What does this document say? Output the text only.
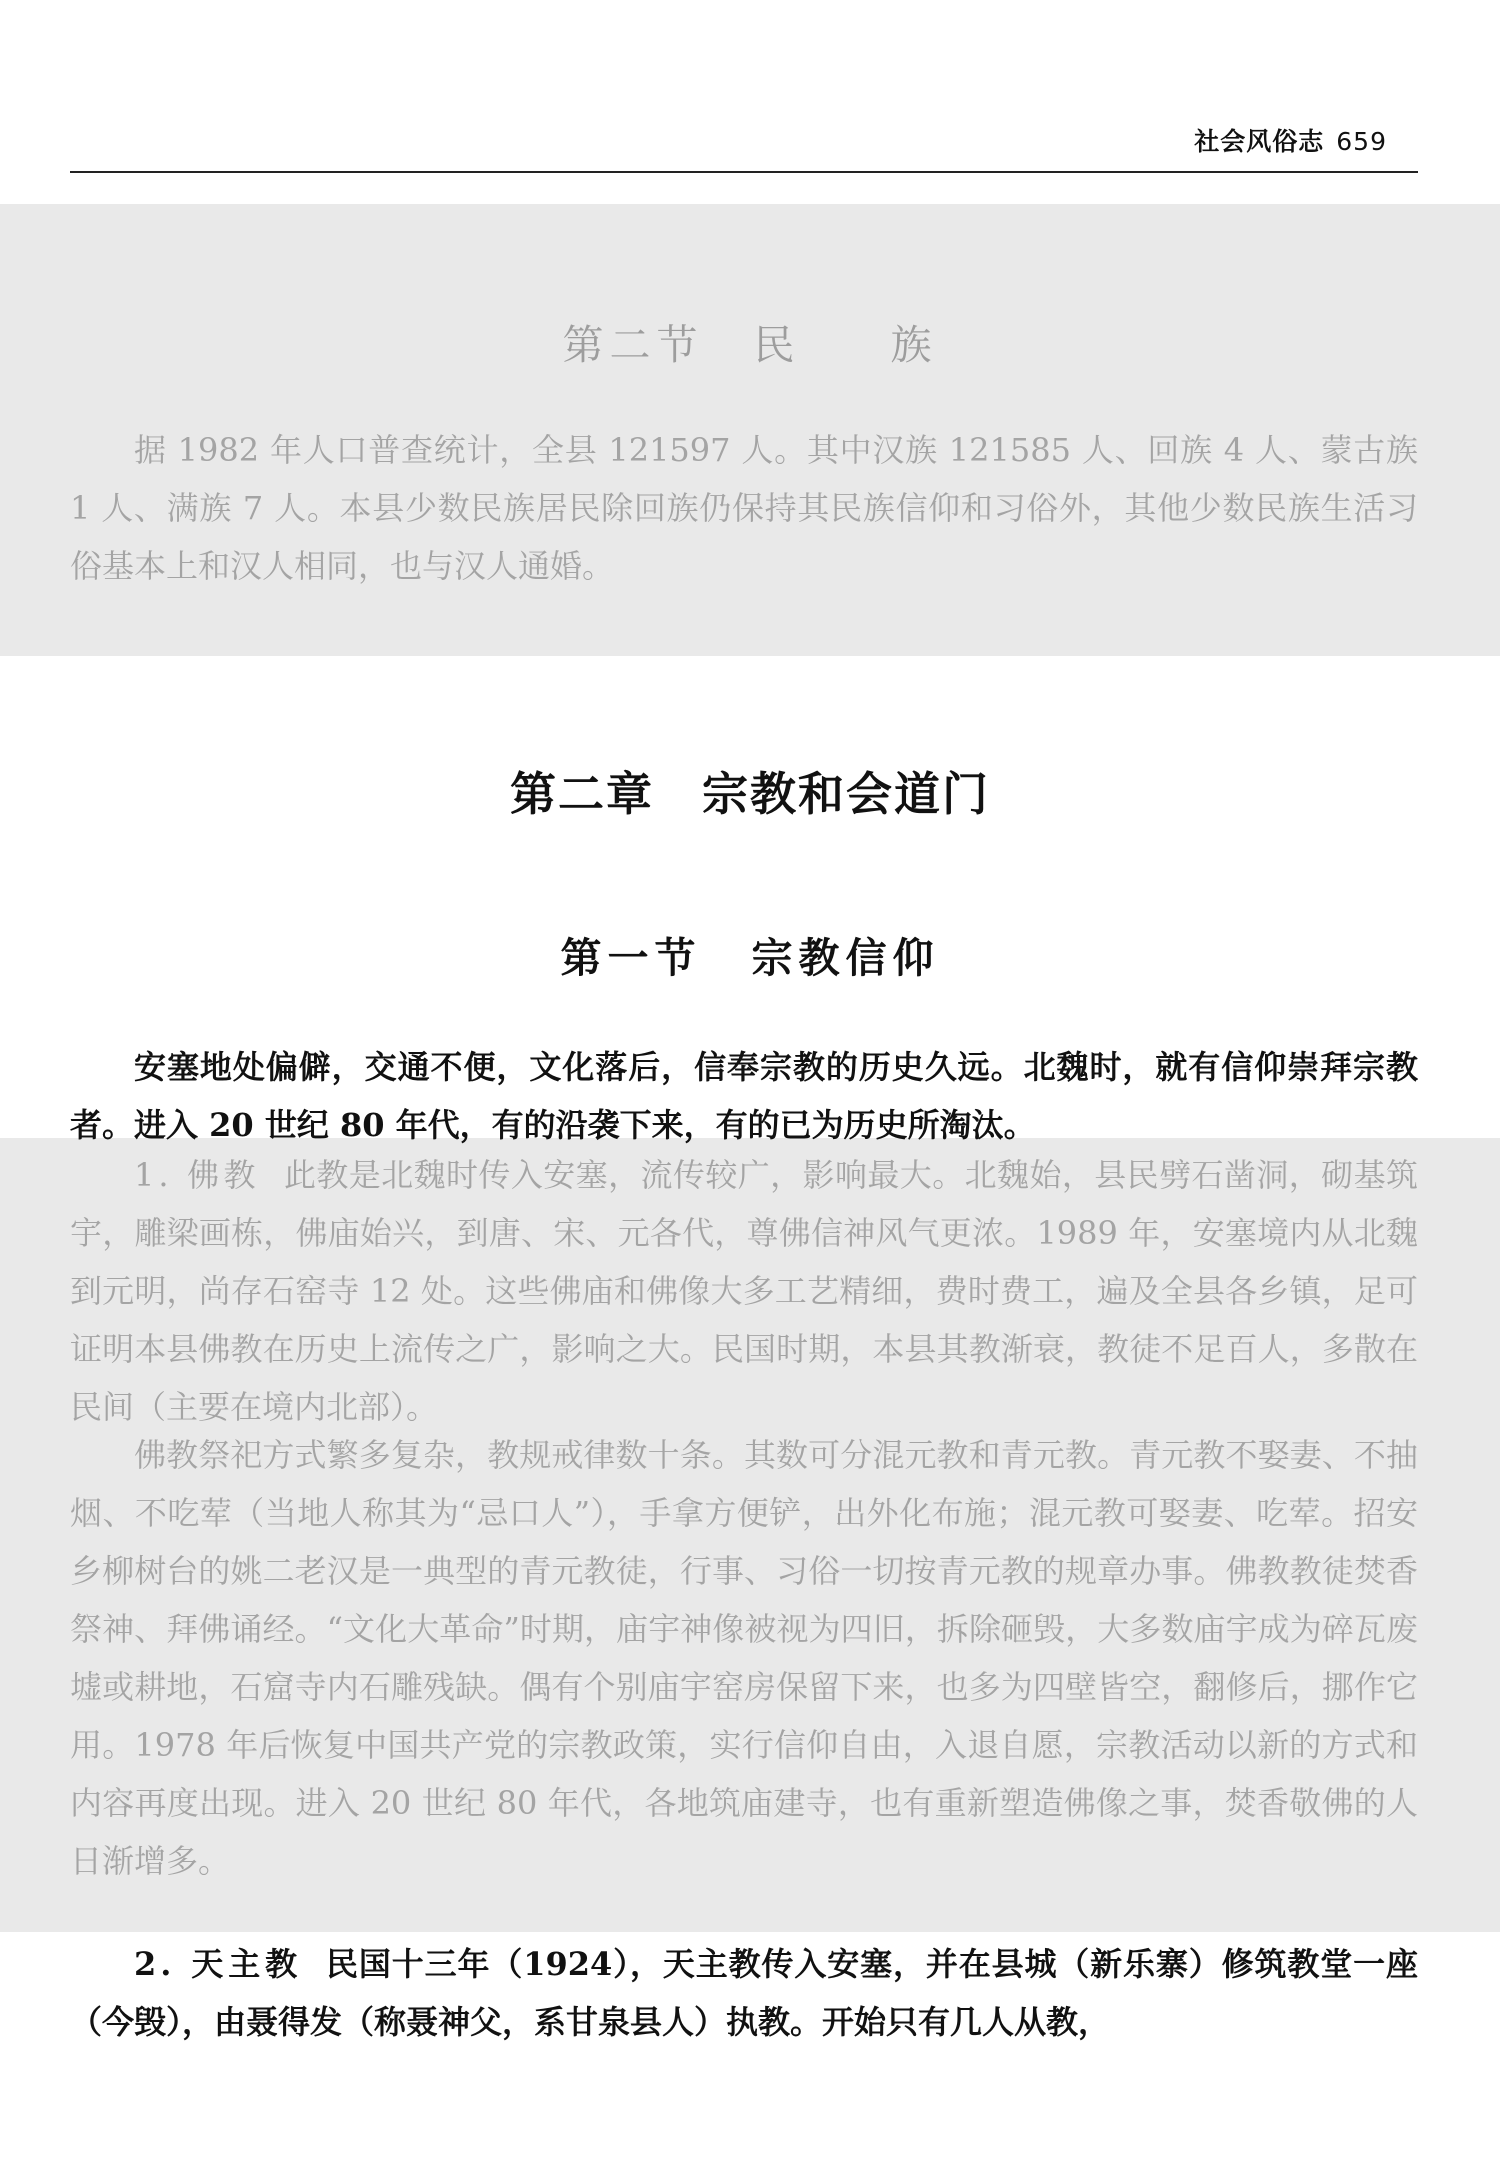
社会风俗志 659
第二节 民 族

据 1982 年人口普查统计，全县 121597 人。其中汉族 121585 人、回族 4 人、蒙古族 1 人、满族 7 人。本县少数民族居民除回族仍保持其民族信仰和习俗外，其他少数民族生活习俗基本上和汉人相同，也与汉人通婚。

第二章　宗教和会道门
第一节 宗教信仰

安塞地处偏僻，交通不便，文化落后，信奉宗教的历史久远。北魏时，就有信仰崇拜宗教者。进入 20 世纪 80 年代，有的沿袭下来，有的已为历史所淘汰。

1. 佛教 此教是北魏时传入安塞，流传较广，影响最大。北魏始，县民劈石凿洞，砌基筑宇，雕梁画栋，佛庙始兴，到唐、宋、元各代，尊佛信神风气更浓。1989 年，安塞境内从北魏到元明，尚存石窑寺 12 处。这些佛庙和佛像大多工艺精细，费时费工，遍及全县各乡镇，足可证明本县佛教在历史上流传之广，影响之大。民国时期，本县其教渐衰，教徒不足百人，多散在民间（主要在境内北部）。

佛教祭祀方式繁多复杂，教规戒律数十条。其数可分混元教和青元教。青元教不娶妻、不抽烟、不吃荤（当地人称其为“忌口人”），手拿方便铲，出外化布施；混元教可娶妻、吃荤。招安乡柳树台的姚二老汉是一典型的青元教徒，行事、习俗一切按青元教的规章办事。佛教教徒焚香祭神、拜佛诵经。“文化大革命”时期，庙宇神像被视为四旧，拆除砸毁，大多数庙宇成为碎瓦废墟或耕地，石窟寺内石雕残缺。偶有个别庙宇窑房保留下来，也多为四壁皆空，翻修后，挪作它用。1978 年后恢复中国共产党的宗教政策，实行信仰自由，入退自愿，宗教活动以新的方式和内容再度出现。进入 20 世纪 80 年代，各地筑庙建寺，也有重新塑造佛像之事，焚香敬佛的人日渐增多。

2. 天主教 民国十三年（1924），天主教传入安塞，并在县城（新乐寨）修筑教堂一座（今毁），由聂得发（称聂神父，系甘泉县人）执教。开始只有几人从教，
